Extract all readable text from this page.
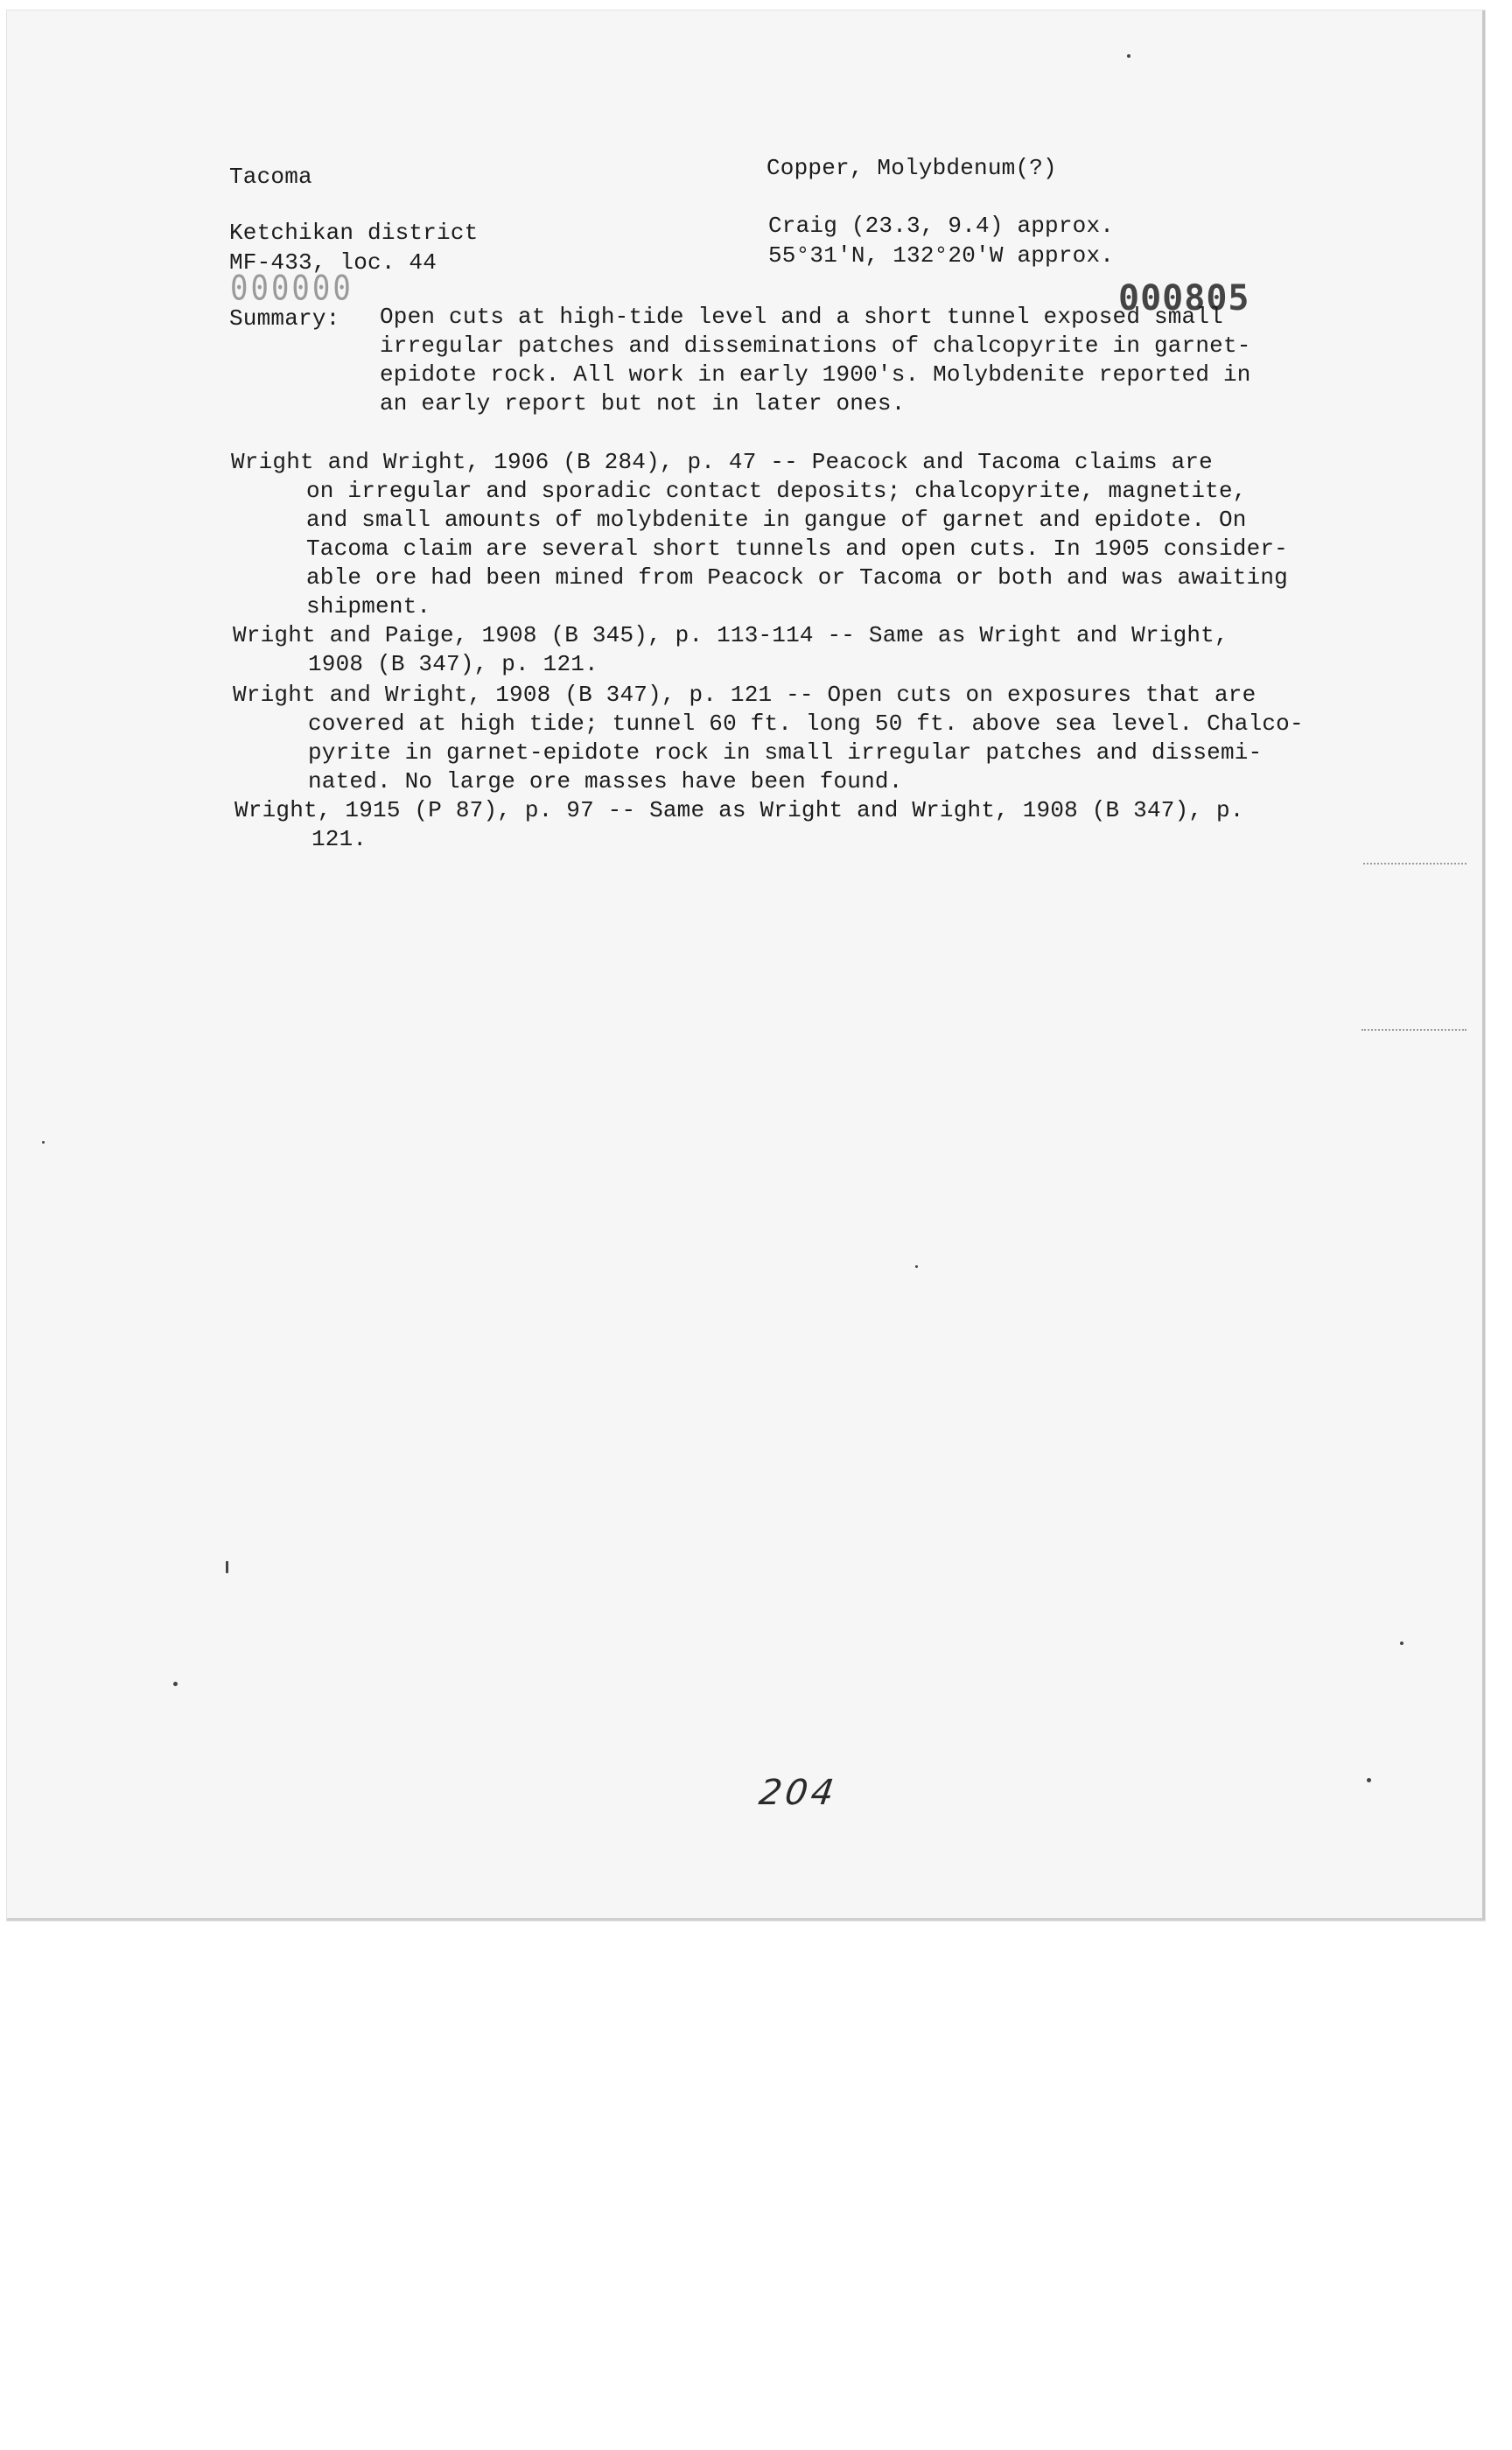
Tacoma	Copper, Molybdenum(?)
Ketchikan district
MF-433, loc. 44
Craig (23.3, 9.4) approx.
55°31'N, 132°20'W approx.
000000	000805
Summary: Open cuts at high-tide level and a short tunnel exposed small
irregular patches and disseminations of chalcopyrite in garnet-
epidote rock. All work in early 1900's. Molybdenite reported in
an early report but not in later ones.
Wright and Wright, 1906 (B 284), p. 47 -- Peacock and Tacoma claims are
on irregular and sporadic contact deposits; chalcopyrite, magnetite,
and small amounts of molybdenite in gangue of garnet and epidote. On
Tacoma claim are several short tunnels and open cuts. In 1905 consider-
able ore had been mined from Peacock or Tacoma or both and was awaiting
shipment.
Wright and Paige, 1908 (B 345), p. 113-114 -- Same as Wright and Wright,
1908 (B 347), p. 121.
Wright and Wright, 1908 (B 347), p. 121 -- Open cuts on exposures that are
covered at high tide; tunnel 60 ft. long 50 ft. above sea level. Chalco-
pyrite in garnet-epidote rock in small irregular patches and dissemi-
nated. No large ore masses have been found.
Wright, 1915 (P 87), p. 97 -- Same as Wright and Wright, 1908 (B 347), p.
121.
204
